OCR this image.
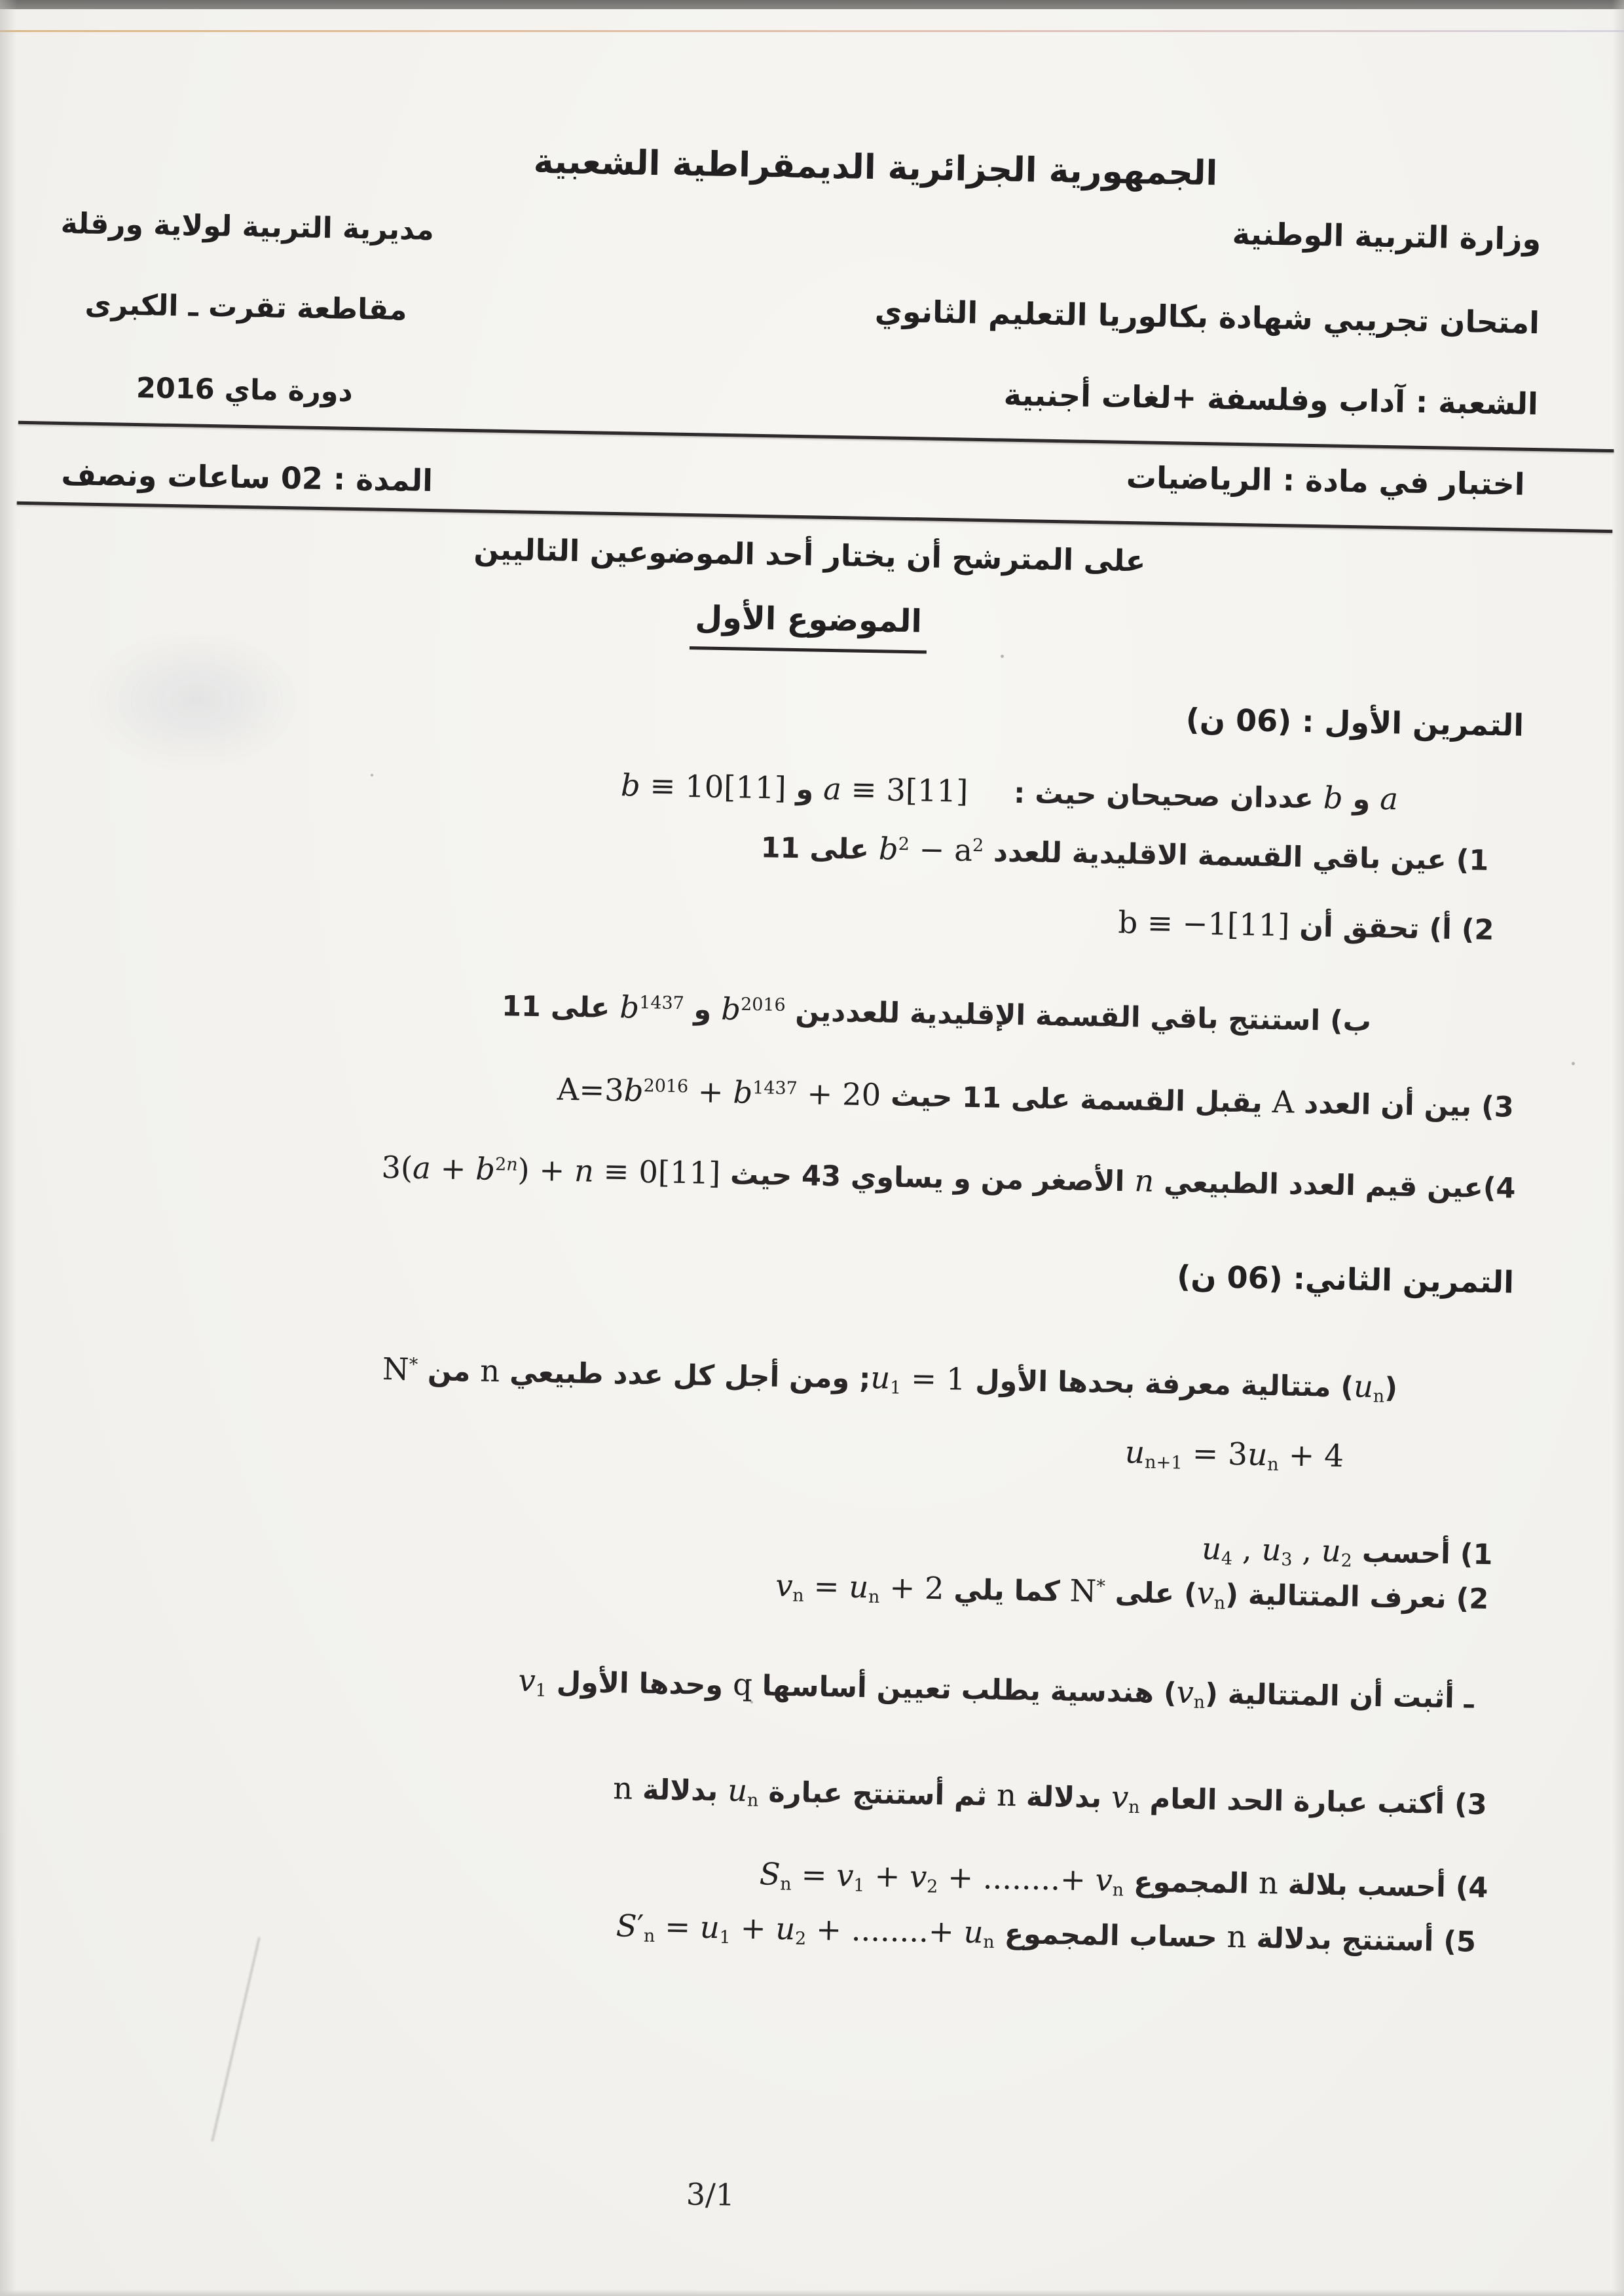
الجمهورية الجزائرية الديمقراطية الشعبية
وزارة التربية الوطنية
امتحان تجريبي شهادة بكالوريا التعليم الثانوي
الشعبة : آداب وفلسفة +لغات أجنبية
مديرية التربية لولاية ورقلة
مقاطعة تقرت ـ الكبرى
دورة ماي 2016
المدة : 02 ساعات ونصف	اختبار في مادة : الرياضيات
على المترشح أن يختار أحد الموضوعين التاليين
الموضوع الأول
التمرين الأول : (06 ن)
a و b عددان صحيحان حيث : a ≡ 3[11] و b ≡ 10[11]
1) عين باقي القسمة الاقليدية للعدد $b^2 - a^2$ على 11
2) أ) تحقق أن b ≡ −1[11]
ب) استنتج باقي القسمة الإقليدية للعددين $b^{2016}$ و $b^{1437}$ على 11
3) بين أن العدد A يقبل القسمة على 11 حيث $A=3b^{2016} + b^{1437} + 20$
4)عين قيم العدد الطبيعي n الأصغر من و يساوي 43 حيث $3(a + b^{2n}) + n \equiv 0[11]$
التمرين الثاني: (06 ن)
$(u_n)$ متتالية معرفة بحدها الأول $u_1 = 1$; ومن أجل كل عدد طبيعي n من N*
$u_{n+1} = 3u_n + 4$
1) أحسب $u_4$ , $u_3$ , $u_2$
2) نعرف المتتالية $(v_n)$ على N* كما يلي $v_n = u_n + 2$
ـ أثبت أن المتتالية $(v_n)$ هندسية يطلب تعيين أساسها q وحدها الأول $v_1$
3) أكتب عبارة الحد العام $v_n$ بدلالة n ثم أستنتج عبارة $u_n$ بدلالة n
4) أحسب بلالة n المجموع $S_n = v_1 + v_2$ + ........+ $v_n$
5) أستنتج بدلالة n حساب المجموع $S'_n = u_1 + u_2$ + ........+ $u_n$
3/1
